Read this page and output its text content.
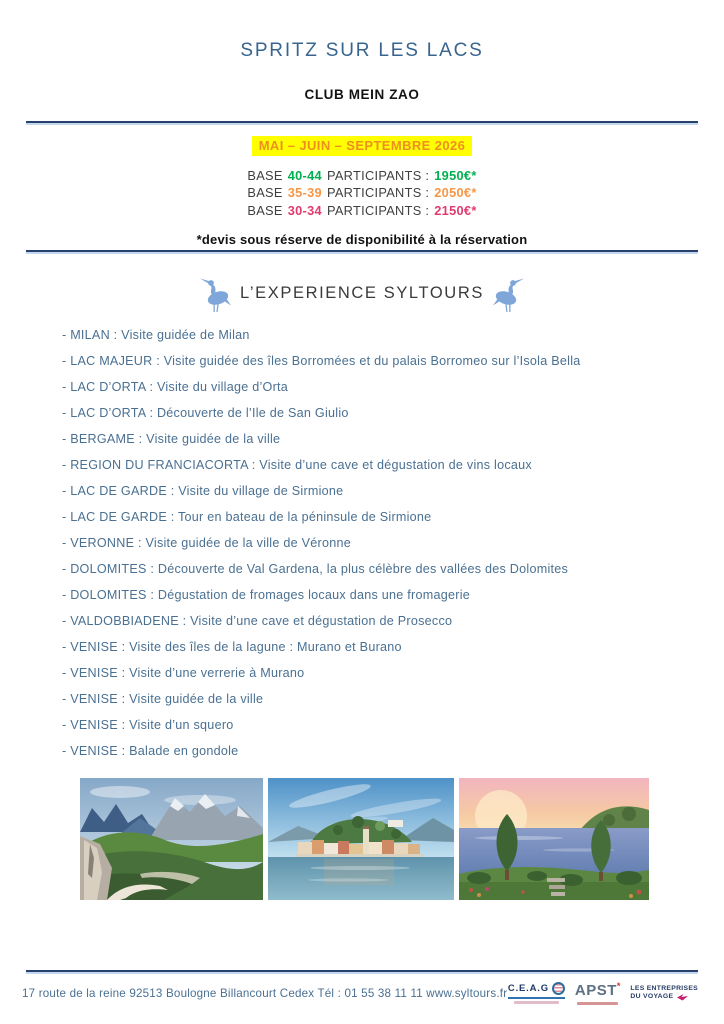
SPRITZ SUR LES LACS
CLUB MEIN ZAO
MAI – JUIN – SEPTEMBRE 2026
BASE 40-44 PARTICIPANTS : 1950€*
BASE 35-39 PARTICIPANTS : 2050€*
BASE 30-34 PARTICIPANTS : 2150€*
*devis sous réserve de disponibilité à la réservation
L’EXPERIENCE SYLTOURS
- MILAN : Visite guidée de Milan
- LAC MAJEUR : Visite guidée des îles Borromées et du palais Borromeo sur l’Isola Bella
- LAC D’ORTA : Visite du village d’Orta
- LAC D’ORTA : Découverte de l’Ile de San Giulio
- BERGAME : Visite guidée de la ville
- REGION DU FRANCIACORTA : Visite d’une cave et dégustation de vins locaux
- LAC DE GARDE : Visite du village de Sirmione
- LAC DE GARDE : Tour en bateau de la péninsule de Sirmione
- VERONNE : Visite guidée de la ville de Véronne
- DOLOMITES : Découverte de Val Gardena, la plus célèbre des vallées des Dolomites
- DOLOMITES : Dégustation de fromages locaux dans une fromagerie
- VALDOBBIADENE : Visite d’une cave et dégustation de Prosecco
- VENISE : Visite des îles de la lagune : Murano et Burano
- VENISE : Visite d’une verrerie à Murano
- VENISE : Visite guidée de la ville
- VENISE : Visite d’un squero
- VENISE : Balade en gondole
17 route de la reine 92513 Boulogne Billancourt Cedex Tél : 01 55 38 11 11 www.syltours.fr C.E.A.G APST* LES ENTREPRISES
DU VOYAGE
